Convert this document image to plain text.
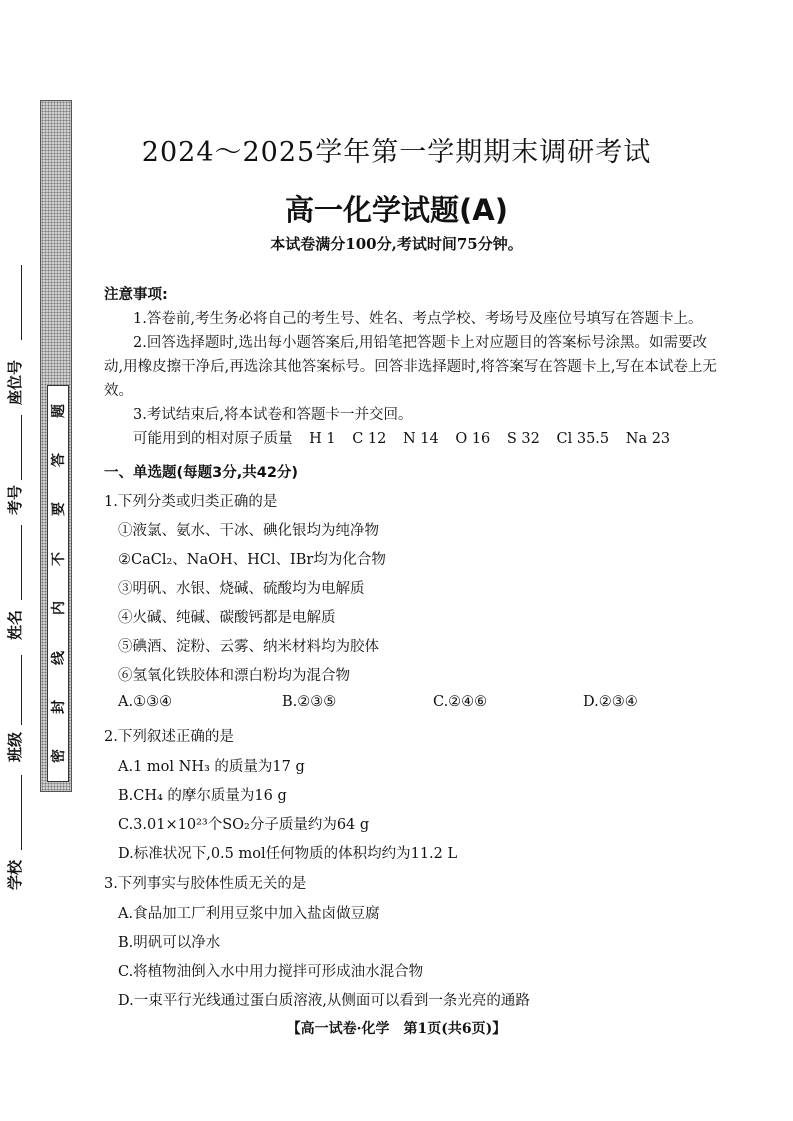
题
答
要
不
内
线
封
密
座位号
考号
姓名
班级
学校
2024～2025学年第一学期期末调研考试
高一化学试题(A)
本试卷满分100分,考试时间75分钟。
注意事项:

1.答卷前,考生务必将自己的考生号、姓名、考点学校、考场号及座位号填写在答题卡上。

2.回答选择题时,选出每小题答案后,用铅笔把答题卡上对应题目的答案标号涂黑。如需要改动,用橡皮擦干净后,再选涂其他答案标号。回答非选择题时,将答案写在答题卡上,写在本试卷上无效。

3.考试结束后,将本试卷和答题卡一并交回。

可能用到的相对原子质量 H 1 C 12 N 14 O 16 S 32 Cl 35.5 Na 23
一、单选题(每题3分,共42分)
1.下列分类或归类正确的是
①液氯、氨水、干冰、碘化银均为纯净物
②CaCl₂、NaOH、HCl、IBr均为化合物
③明矾、水银、烧碱、硫酸均为电解质
④火碱、纯碱、碳酸钙都是电解质
⑤碘酒、淀粉、云雾、纳米材料均为胶体
⑥氢氧化铁胶体和漂白粉均为混合物
A.①③④	B.②③⑤	C.②④⑥	D.②③④
2.下列叙述正确的是
A.1 mol NH₃ 的质量为17 g
B.CH₄ 的摩尔质量为16 g
C.3.01×10²³个SO₂分子质量约为64 g
D.标准状况下,0.5 mol任何物质的体积均约为11.2 L
3.下列事实与胶体性质无关的是
A.食品加工厂利用豆浆中加入盐卤做豆腐
B.明矾可以净水
C.将植物油倒入水中用力搅拌可形成油水混合物
D.一束平行光线通过蛋白质溶液,从侧面可以看到一条光亮的通路
【高一试卷·化学　第1页(共6页)】
